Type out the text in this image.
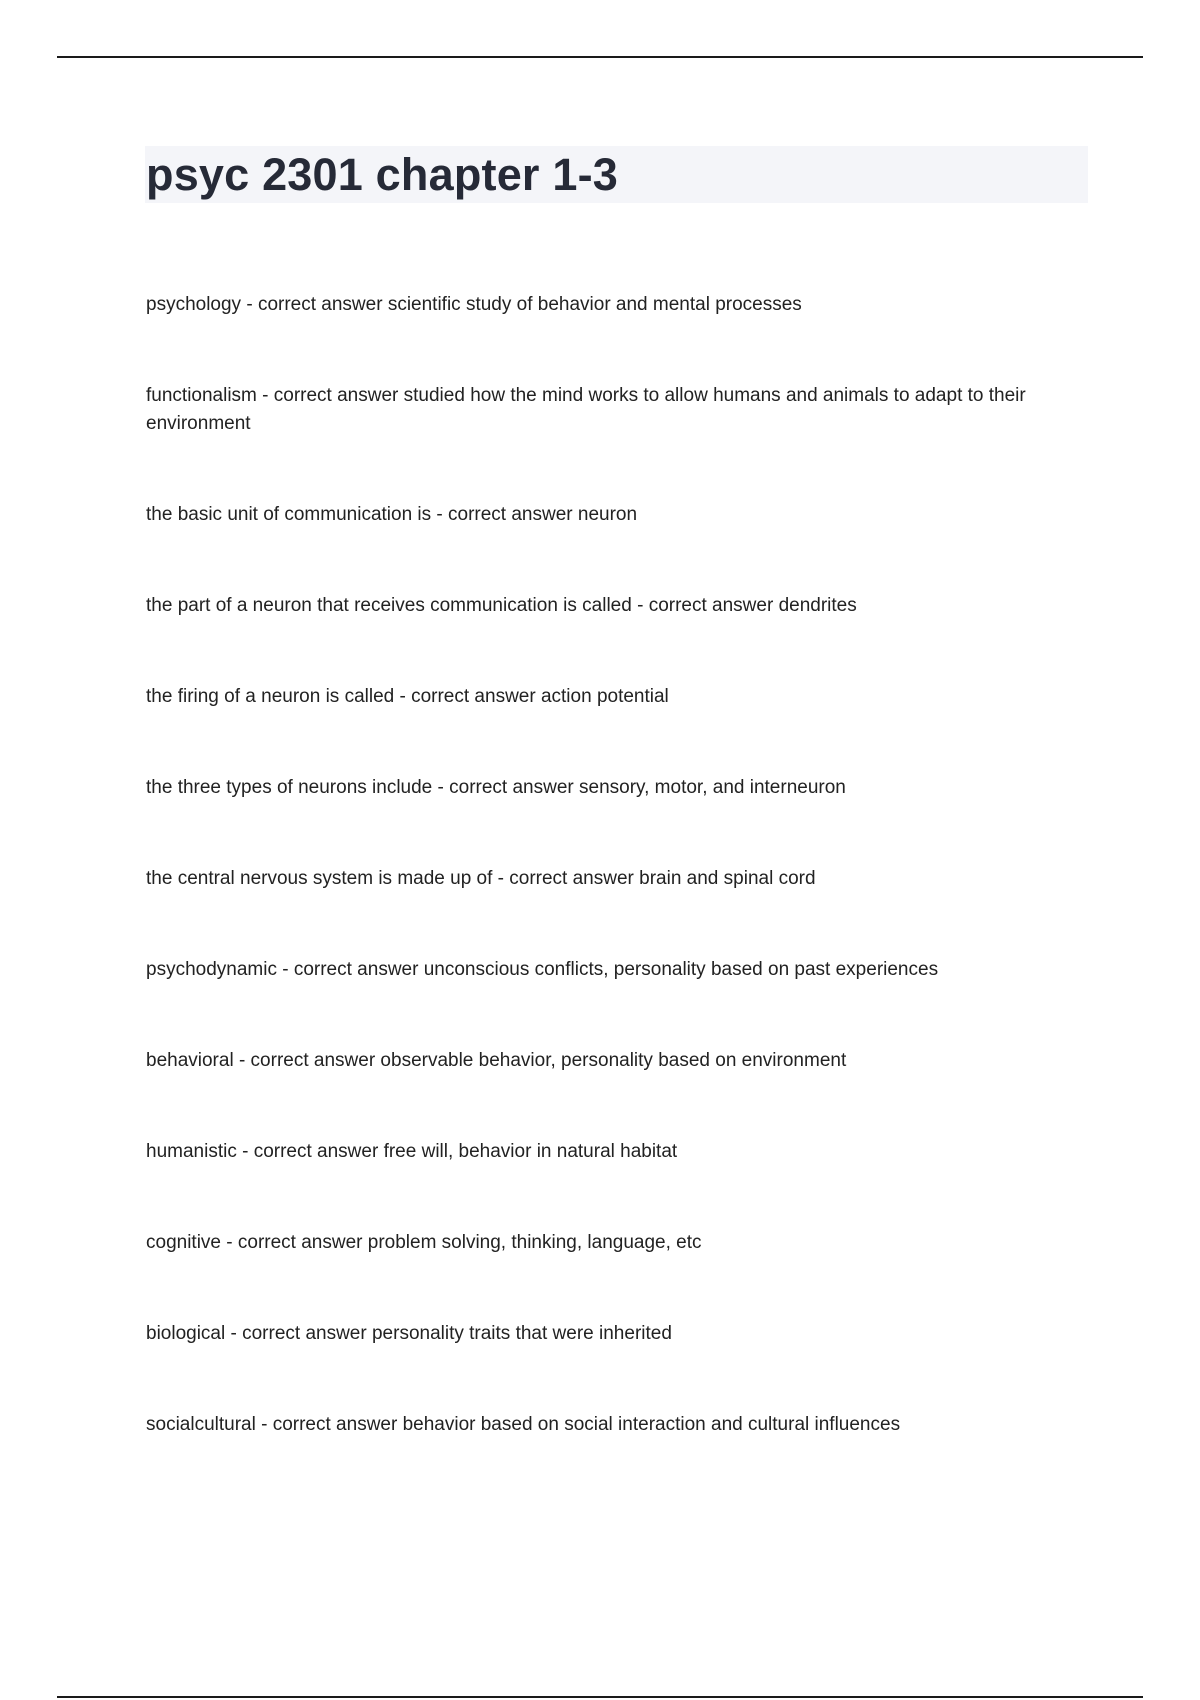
psyc 2301 chapter 1-3
psychology - correct answer scientific study of behavior and mental processes
functionalism - correct answer studied how the mind works to allow humans and animals to adapt to their environment
the basic unit of communication is - correct answer neuron
the part of a neuron that receives communication is called - correct answer dendrites
the firing of a neuron is called - correct answer action potential
the three types of neurons include - correct answer sensory, motor, and interneuron
the central nervous system is made up of - correct answer brain and spinal cord
psychodynamic - correct answer unconscious conflicts, personality based on past experiences
behavioral - correct answer observable behavior, personality based on environment
humanistic - correct answer free will, behavior in natural habitat
cognitive - correct answer problem solving, thinking, language, etc
biological - correct answer personality traits that were inherited
socialcultural - correct answer behavior based on social interaction and cultural influences
